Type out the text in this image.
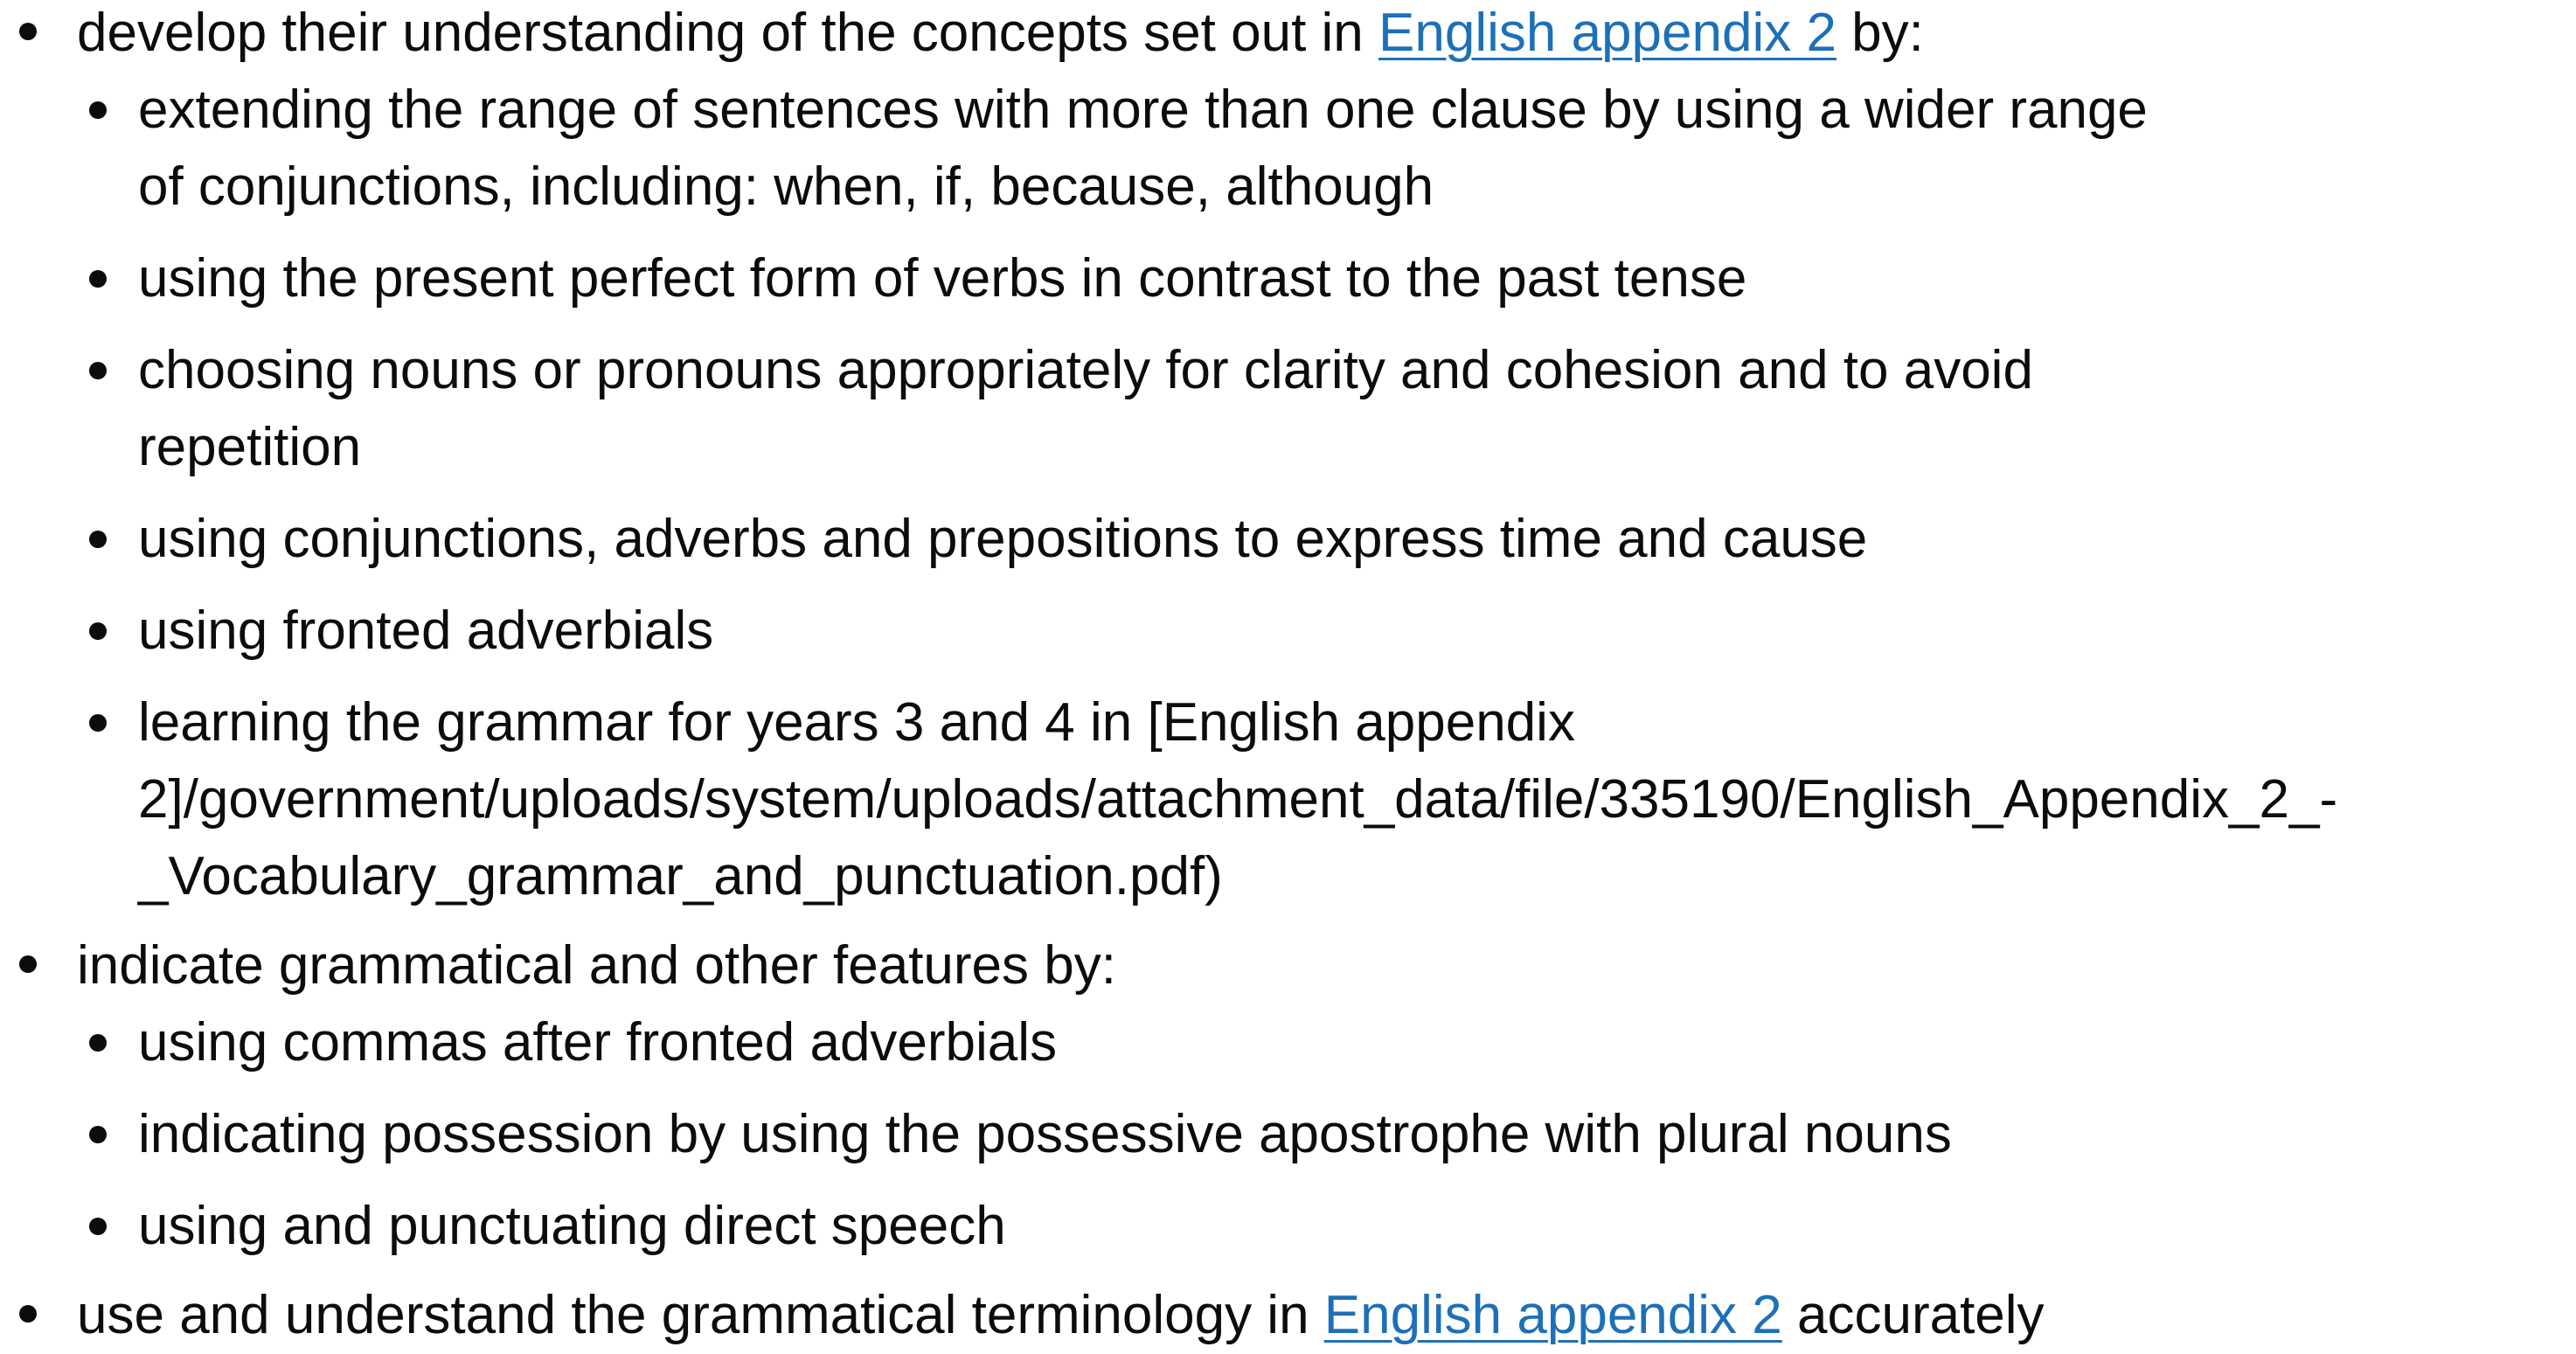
develop their understanding of the concepts set out in English appendix 2 by:
extending the range of sentences with more than one clause by using a wider range
of conjunctions, including: when, if, because, although
using the present perfect form of verbs in contrast to the past tense
choosing nouns or pronouns appropriately for clarity and cohesion and to avoid
repetition
using conjunctions, adverbs and prepositions to express time and cause
using fronted adverbials
learning the grammar for years 3 and 4 in [English appendix
2]/government/uploads/system/uploads/attachment_data/file/335190/English_Appendix_2_-
_Vocabulary_grammar_and_punctuation.pdf)
indicate grammatical and other features by:
using commas after fronted adverbials
indicating possession by using the possessive apostrophe with plural nouns
using and punctuating direct speech
use and understand the grammatical terminology in English appendix 2 accurately
